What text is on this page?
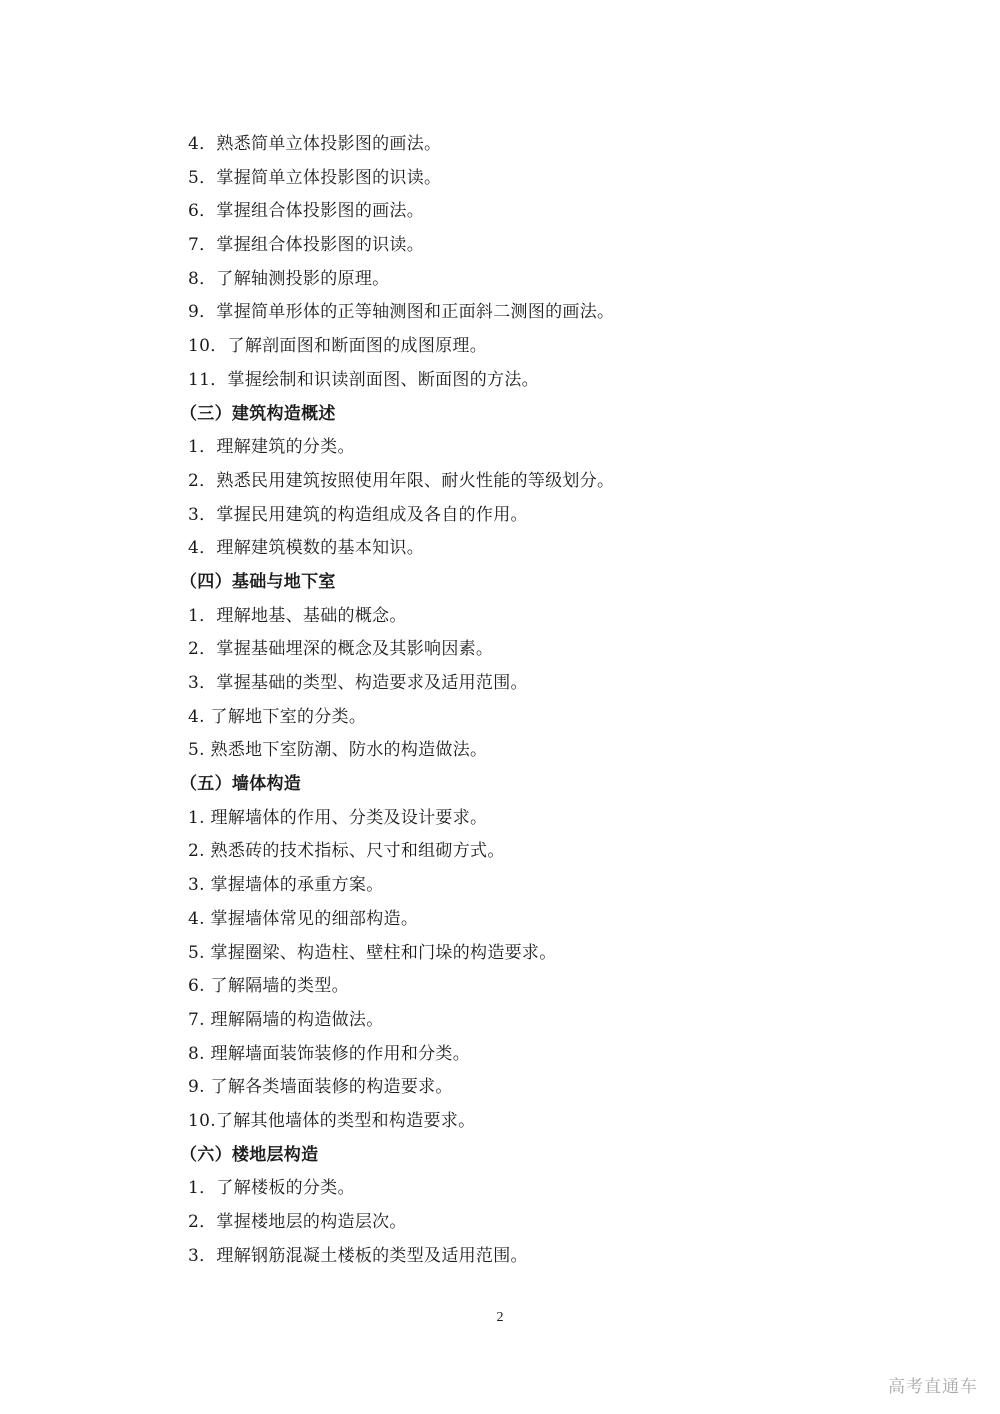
4．熟悉简单立体投影图的画法。
5．掌握简单立体投影图的识读。
6．掌握组合体投影图的画法。
7．掌握组合体投影图的识读。
8．了解轴测投影的原理。
9．掌握简单形体的正等轴测图和正面斜二测图的画法。
10．了解剖面图和断面图的成图原理。
11．掌握绘制和识读剖面图、断面图的方法。
（三）建筑构造概述
1．理解建筑的分类。
2．熟悉民用建筑按照使用年限、耐火性能的等级划分。
3．掌握民用建筑的构造组成及各自的作用。
4．理解建筑模数的基本知识。
（四）基础与地下室
1．理解地基、基础的概念。
2．掌握基础埋深的概念及其影响因素。
3．掌握基础的类型、构造要求及适用范围。
4. 了解地下室的分类。
5. 熟悉地下室防潮、防水的构造做法。
（五）墙体构造
1. 理解墙体的作用、分类及设计要求。
2. 熟悉砖的技术指标、尺寸和组砌方式。
3. 掌握墙体的承重方案。
4. 掌握墙体常见的细部构造。
5. 掌握圈梁、构造柱、壁柱和门垛的构造要求。
6. 了解隔墙的类型。
7. 理解隔墙的构造做法。
8. 理解墙面装饰装修的作用和分类。
9. 了解各类墙面装修的构造要求。
10.了解其他墙体的类型和构造要求。
（六）楼地层构造
1．了解楼板的分类。
2．掌握楼地层的构造层次。
3．理解钢筋混凝土楼板的类型及适用范围。
2
高考直通车
